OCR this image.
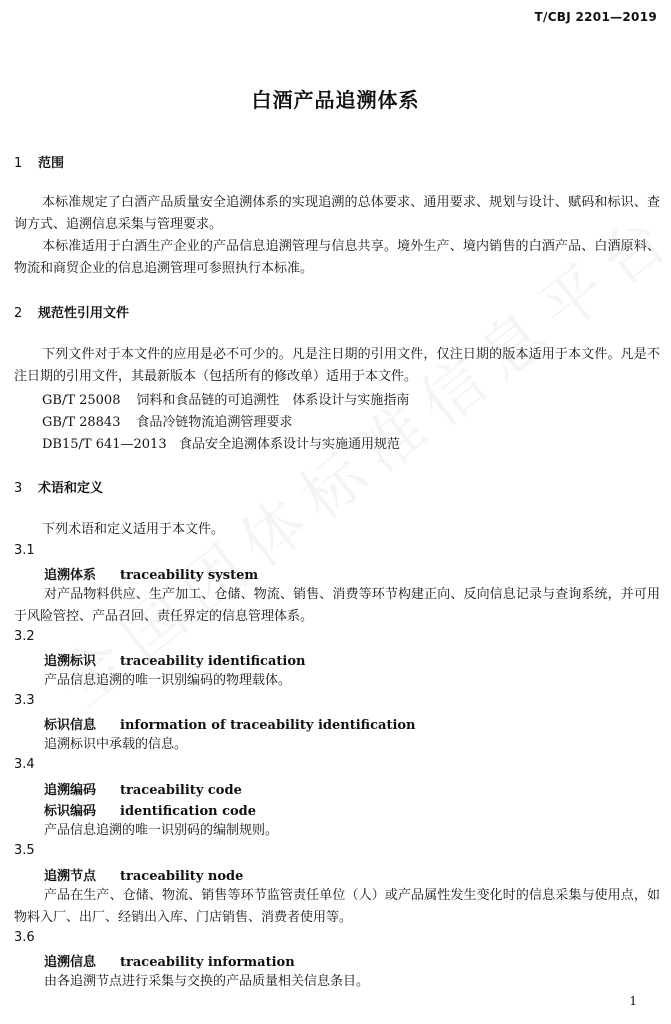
T/CBJ 2201—2019
白酒产品追溯体系
1 范围
本标准规定了白酒产品质量安全追溯体系的实现追溯的总体要求、通用要求、规划与设计、赋码和标识、查询方式、追溯信息采集与管理要求。
本标准适用于白酒生产企业的产品信息追溯管理与信息共享。境外生产、境内销售的白酒产品、白酒原料、物流和商贸企业的信息追溯管理可参照执行本标准。
2 规范性引用文件
下列文件对于本文件的应用是必不可少的。凡是注日期的引用文件，仅注日期的版本适用于本文件。凡是不注日期的引用文件，其最新版本（包括所有的修改单）适用于本文件。
GB/T 25008 饲料和食品链的可追溯性　体系设计与实施指南
GB/T 28843 食品冷链物流追溯管理要求
DB15/T 641—2013 食品安全追溯体系设计与实施通用规范
3 术语和定义
下列术语和定义适用于本文件。
3.1
追溯体系 traceability system
对产品物料供应、生产加工、仓储、物流、销售、消费等环节构建正向、反向信息记录与查询系统，并可用于风险管控、产品召回、责任界定的信息管理体系。
3.2
追溯标识 traceability identification
产品信息追溯的唯一识别编码的物理载体。
3.3
标识信息 information of traceability identification
追溯标识中承载的信息。
3.4
追溯编码 traceability code
标识编码 identification code
产品信息追溯的唯一识别码的编制规则。
3.5
追溯节点 traceability node
产品在生产、仓储、物流、销售等环节监管责任单位（人）或产品属性发生变化时的信息采集与使用点，如物料入厂、出厂、经销出入库、门店销售、消费者使用等。
3.6
追溯信息 traceability information
由各追溯节点进行采集与交换的产品质量相关信息条目。
1
